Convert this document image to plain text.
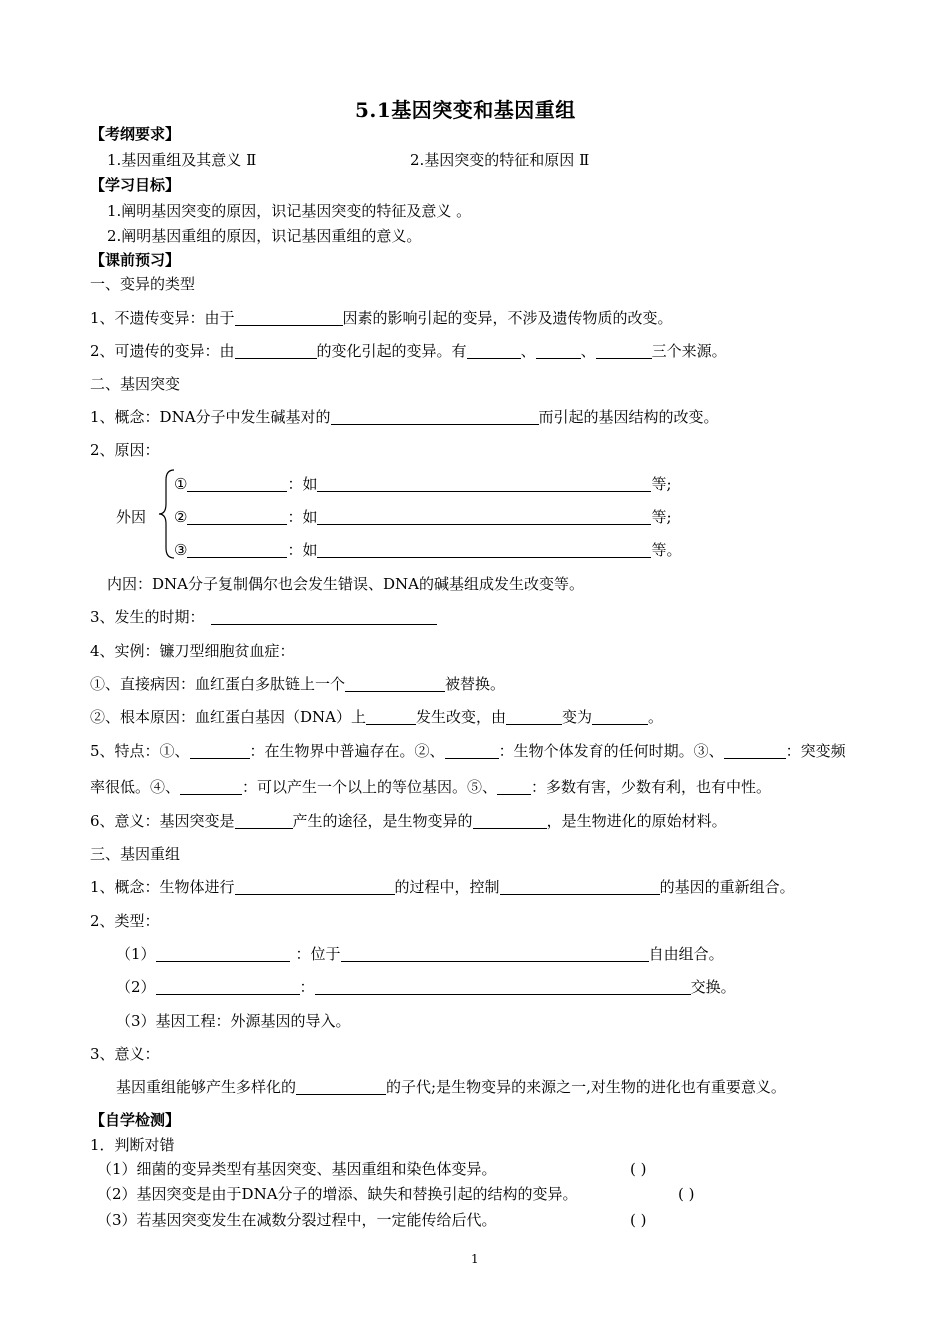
5.1基因突变和基因重组
【考纲要求】
1.基因重组及其意义 Ⅱ	2.基因突变的特征和原因 Ⅱ
【学习目标】
1.阐明基因突变的原因，识记基因突变的特征及意义 。
2.阐明基因重组的原因，识记基因重组的意义。
【课前预习】
一、变异的类型
1、不遗传变异：由于	因素的影响引起的变异，不涉及遗传物质的改变。
2、可遗传的变异：由	的变化引起的变异。有	、	、	三个来源。
二、基因突变
1、概念：DNA分子中发生碱基对的	而引起的基因结构的改变。
2、原因：
外因
①	：如	等;
②	：如	等;
③	：如	等。
内因：DNA分子复制偶尔也会发生错误、DNA的碱基组成发生改变等。
3、发生的时期：
4、实例：镰刀型细胞贫血症：
①、直接病因：血红蛋白多肽链上一个	被替换。
②、根本原因：血红蛋白基因（DNA）上	发生改变，由	变为	。
5、特点：①、	：在生物界中普遍存在。②、	：生物个体发育的任何时期。③、	：突变频
率很低。④、	：可以产生一个以上的等位基因。⑤、 ：多数有害，少数有利，也有中性。
6、意义：基因突变是	产生的途径，是生物变异的	，是生物进化的原始材料。
三、基因重组
1、概念：生物体进行	的过程中，控制	的基因的重新组合。
2、类型：
（1）	：位于	自由组合。
（2）	：	交换。
（3）基因工程：外源基因的导入。
3、意义：
基因重组能够产生多样化的	的子代;是生物变异的来源之一,对生物的进化也有重要意义。
【自学检测】
1．判断对错
（1）细菌的变异类型有基因突变、基因重组和染色体变异。	( )
（2）基因突变是由于DNA分子的增添、缺失和替换引起的结构的变异。	( )
（3）若基因突变发生在减数分裂过程中，一定能传给后代。	( )
1
